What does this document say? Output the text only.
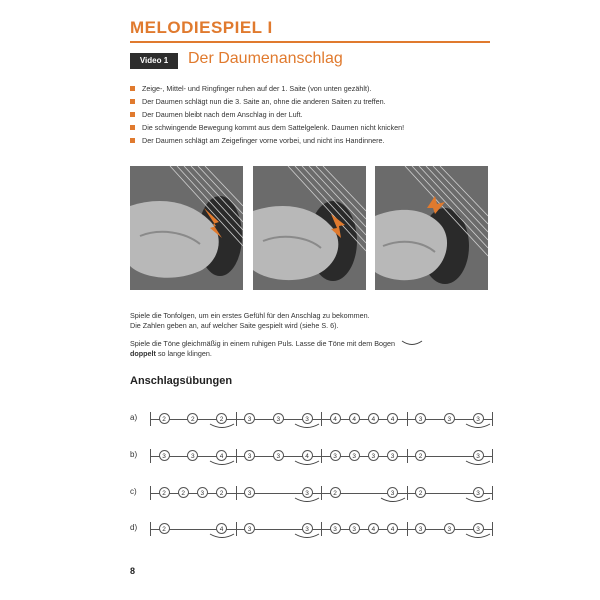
MELODIESPIEL I
Video 1	Der Daumenanschlag
Zeige-, Mittel- und Ringfinger ruhen auf der 1. Saite (von unten gezählt).
Der Daumen schlägt nun die 3. Saite an, ohne die anderen Saiten zu treffen.
Der Daumen bleibt nach dem Anschlag in der Luft.
Die schwingende Bewegung kommt aus dem Sattelgelenk. Daumen nicht knicken!
Der Daumen schlägt am Zeigefinger vorne vorbei, und nicht ins Handinnere.
Spiele die Tonfolgen, um ein erstes Gefühl für den Anschlag zu bekommen.
Die Zahlen geben an, auf welcher Saite gespielt wird (siehe S. 6).
Spiele die Töne gleichmäßig in einem ruhigen Puls. Lasse die Töne mit dem Bogen
doppelt so lange klingen.
Anschlagsübungen
a)	2	2	2	3	3	3	4	4	4	4	3	3	3
b)	3	3	4	3	3	4	3	3	3	3	2	3
c)	2	2	3	2	3	3	2	3	2	3
d)	2	4	3	3	3	3	4	4	3	3	3
8
